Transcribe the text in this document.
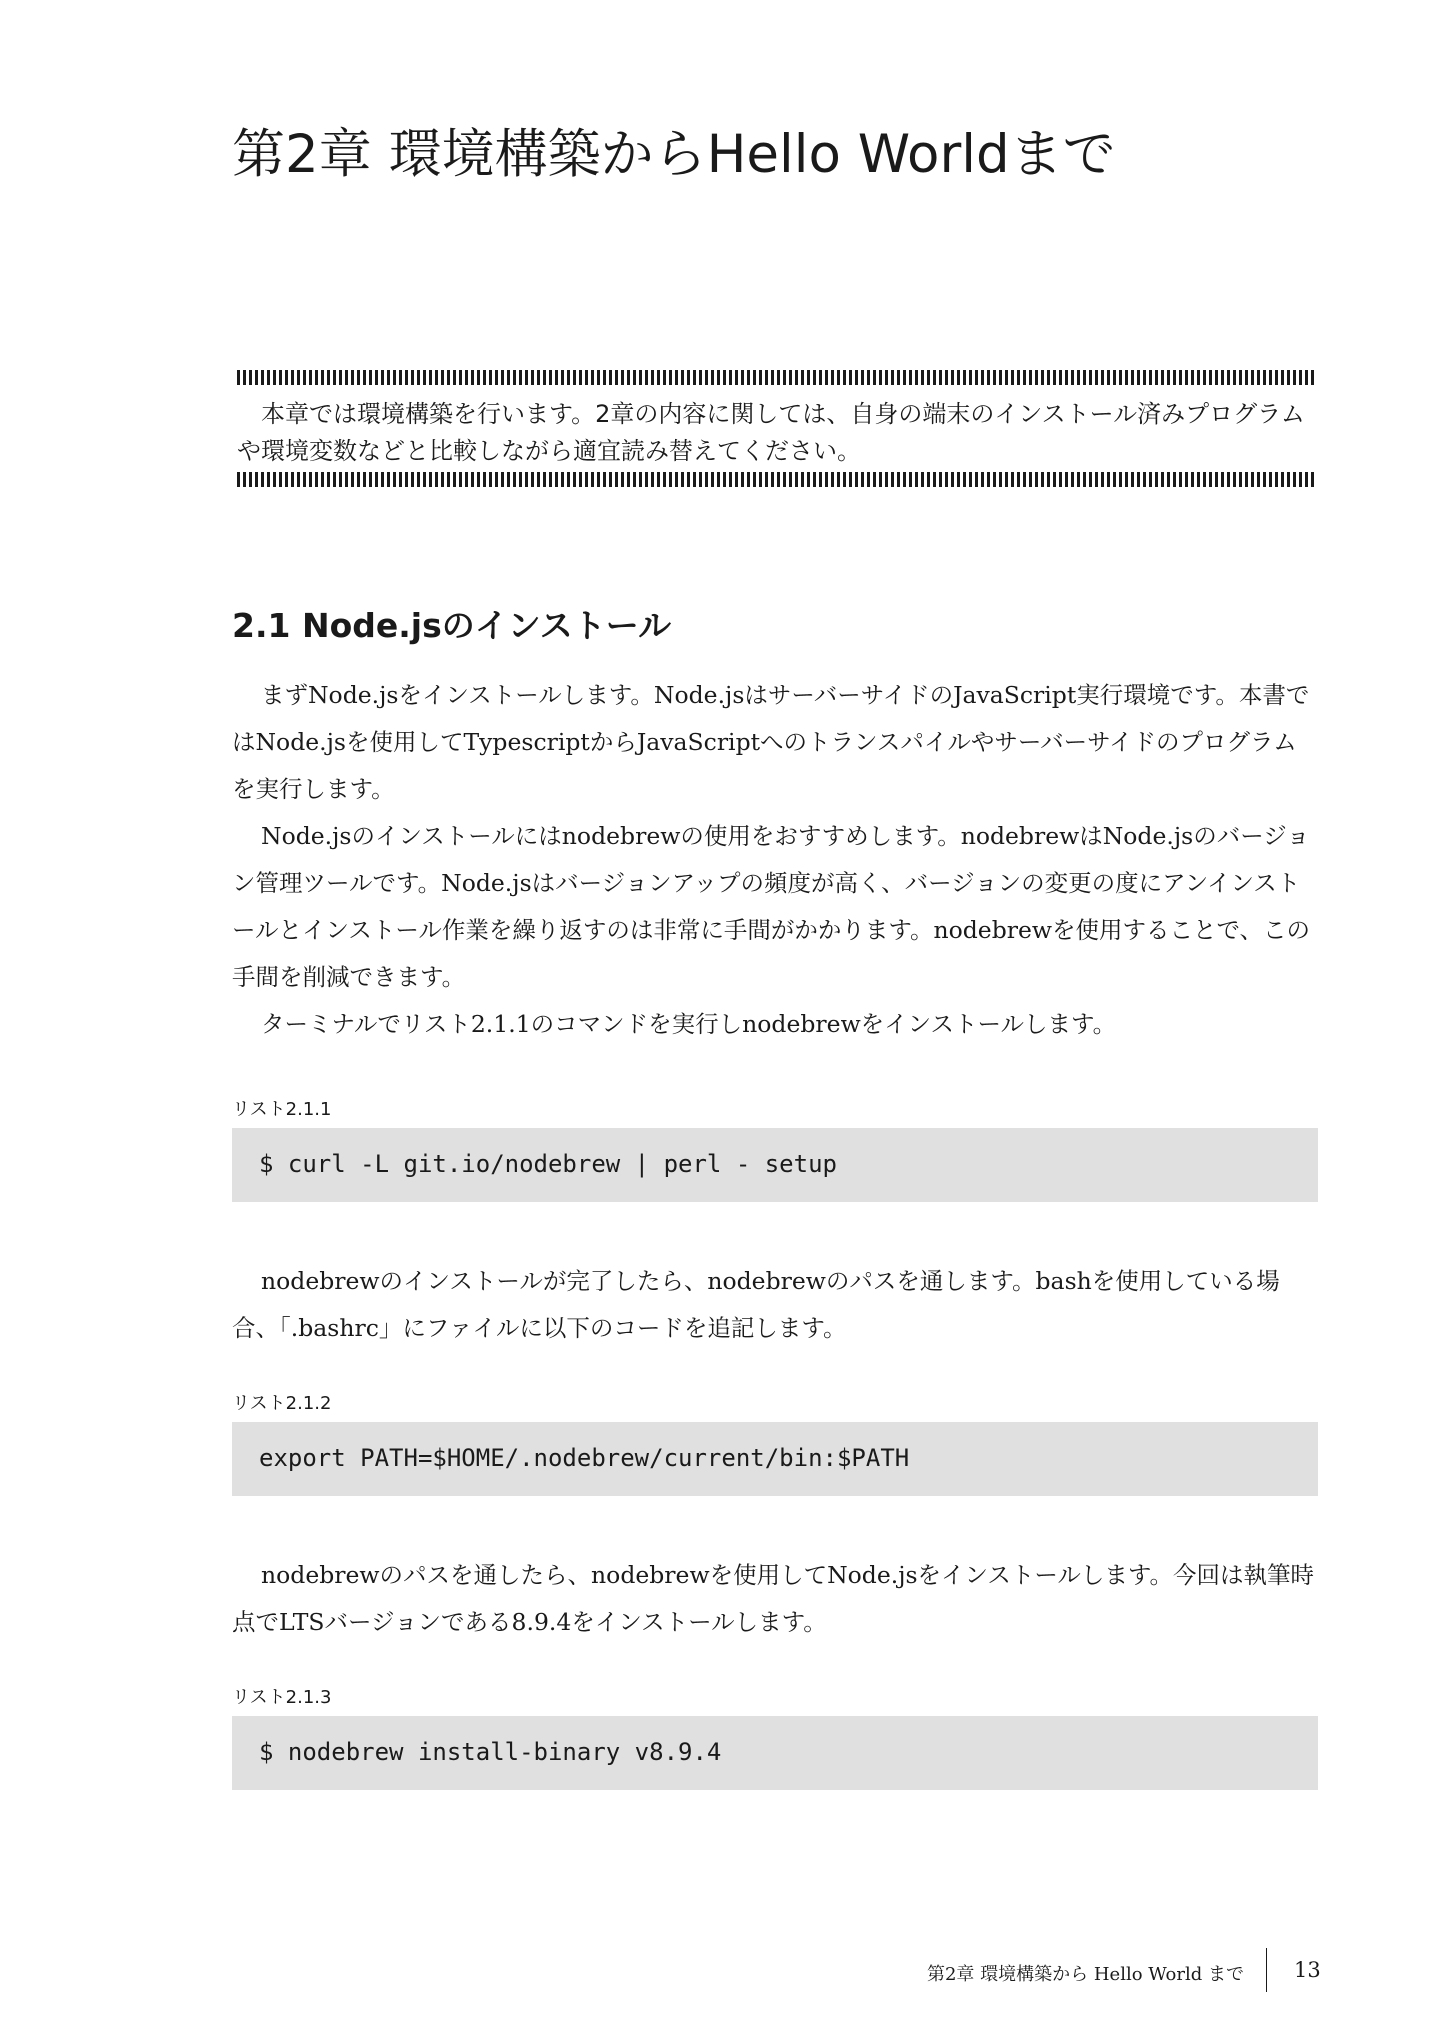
第2章 環境構築からHello Worldまで

本章では環境構築を行います。2章の内容に関しては、自身の端末のインストール済みプログラムや環境変数などと比較しながら適宜読み替えてください。

2.1 Node.jsのインストール

まずNode.jsをインストールします。Node.jsはサーバーサイドのJavaScript実行環境です。本書ではNode.jsを使用してTypescriptからJavaScriptへのトランスパイルやサーバーサイドのプログラムを実行します。

Node.jsのインストールにはnodebrewの使用をおすすめします。nodebrewはNode.jsのバージョン管理ツールです。Node.jsはバージョンアップの頻度が高く、バージョンの変更の度にアンインストールとインストール作業を繰り返すのは非常に手間がかかります。nodebrewを使用することで、この手間を削減できます。

ターミナルでリスト2.1.1のコマンドを実行しnodebrewをインストールします。

リスト2.1.1
$ curl -L git.io/nodebrew | perl - setup

nodebrewのインストールが完了したら、nodebrewのパスを通します。bashを使用している場合、「.bashrc」にファイルに以下のコードを追記します。

リスト2.1.2
export PATH=$HOME/.nodebrew/current/bin:$PATH

nodebrewのパスを通したら、nodebrewを使用してNode.jsをインストールします。今回は執筆時点でLTSバージョンである8.9.4をインストールします。

リスト2.1.3
$ nodebrew install-binary v8.9.4
第2章 環境構築から Hello World まで 13
